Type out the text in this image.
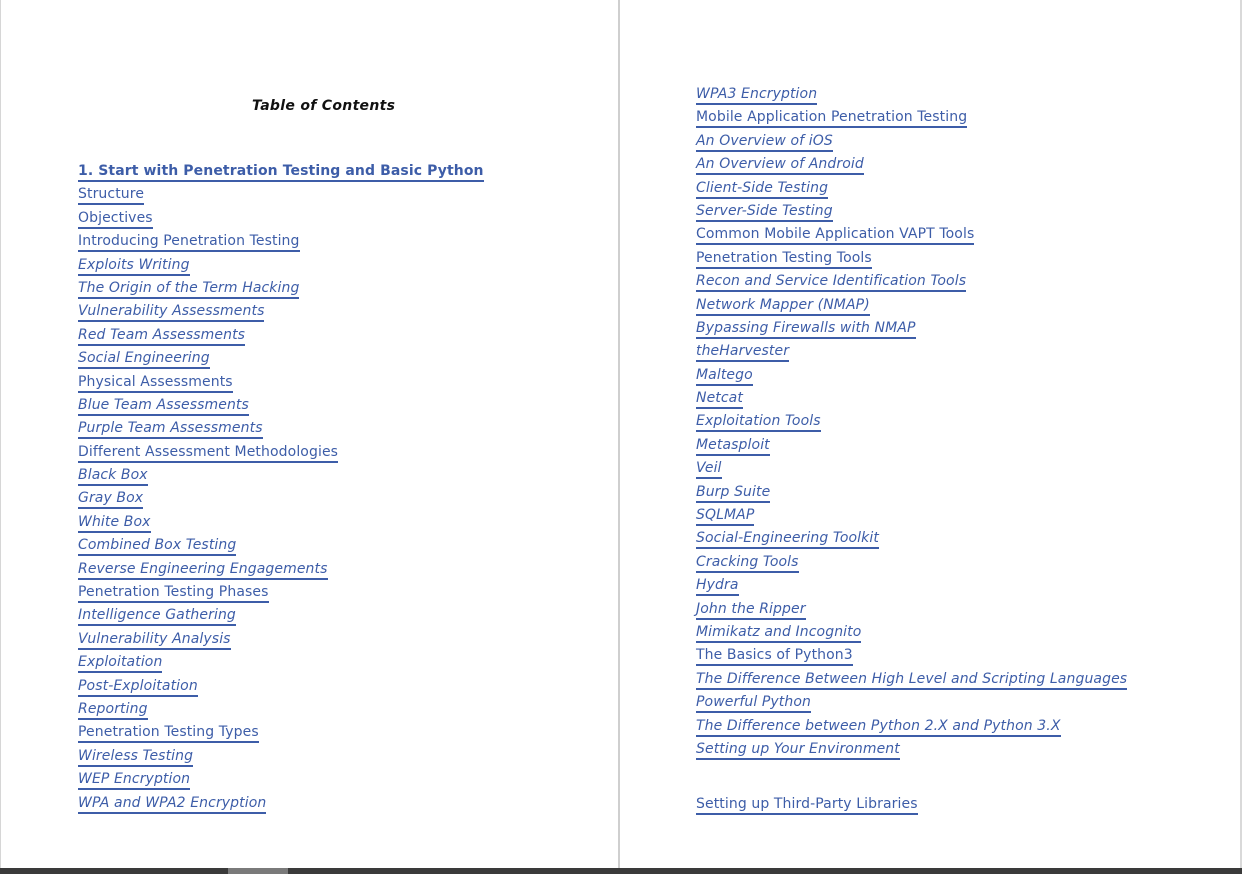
Table of Contents
1. Start with Penetration Testing and Basic Python
Structure
Objectives
Introducing Penetration Testing
Exploits Writing
The Origin of the Term Hacking
Vulnerability Assessments
Red Team Assessments
Social Engineering
Physical Assessments
Blue Team Assessments
Purple Team Assessments
Different Assessment Methodologies
Black Box
Gray Box
White Box
Combined Box Testing
Reverse Engineering Engagements
Penetration Testing Phases
Intelligence Gathering
Vulnerability Analysis
Exploitation
Post-Exploitation
Reporting
Penetration Testing Types
Wireless Testing
WEP Encryption
WPA and WPA2 Encryption
WPA3 Encryption
Mobile Application Penetration Testing
An Overview of iOS
An Overview of Android
Client-Side Testing
Server-Side Testing
Common Mobile Application VAPT Tools
Penetration Testing Tools
Recon and Service Identification Tools
Network Mapper (NMAP)
Bypassing Firewalls with NMAP
theHarvester
Maltego
Netcat
Exploitation Tools
Metasploit
Veil
Burp Suite
SQLMAP
Social-Engineering Toolkit
Cracking Tools
Hydra
John the Ripper
Mimikatz and Incognito
The Basics of Python3
The Difference Between High Level and Scripting Languages
Powerful Python
The Difference between Python 2.X and Python 3.X
Setting up Your Environment
Setting up Third-Party Libraries
